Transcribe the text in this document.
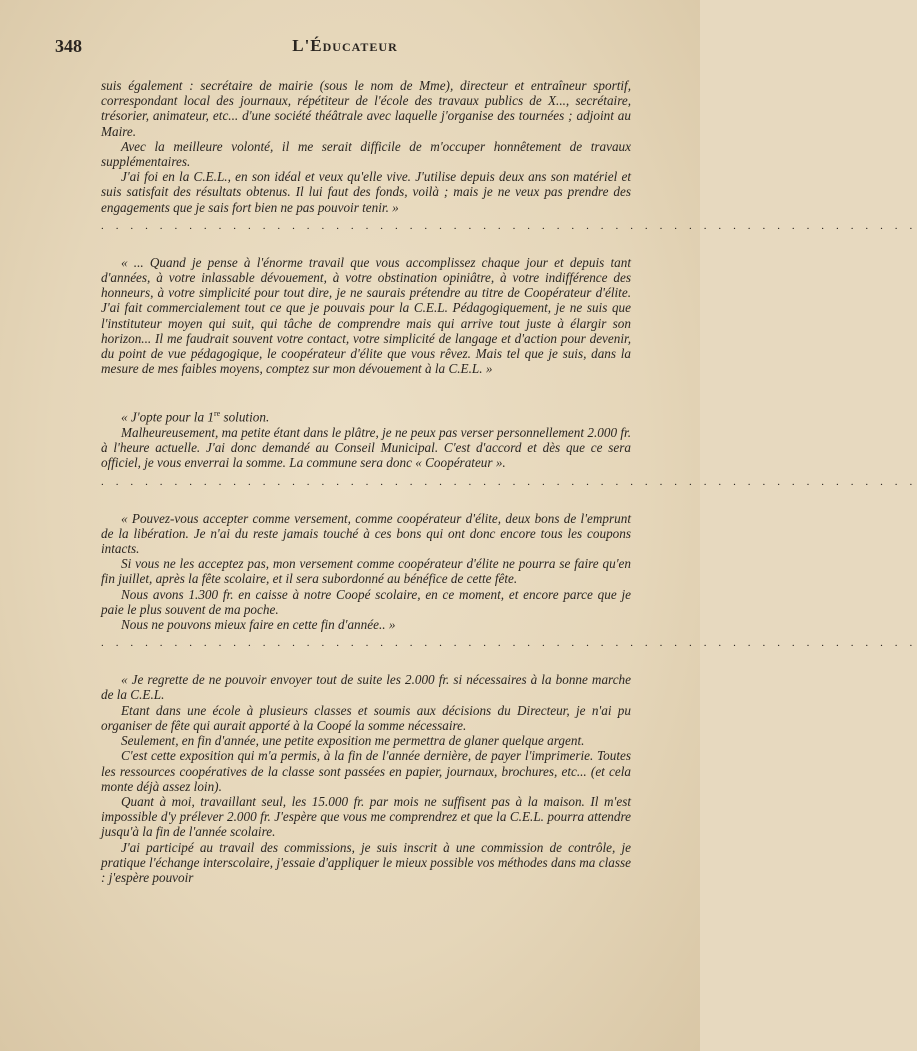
348	L'Éducateur

suis également : secrétaire de mairie (sous le nom de Mme), directeur et entraîneur sportif, correspondant local des journaux, répétiteur de l'école des travaux publics de X..., secrétaire, trésorier, animateur, etc... d'une société théâtrale avec laquelle j'organise des tournées ; adjoint au Maire.

Avec la meilleure volonté, il me serait difficile de m'occuper honnêtement de travaux supplémentaires.

J'ai foi en la C.E.L., en son idéal et veux qu'elle vive. J'utilise depuis deux ans son matériel et suis satisfait des résultats obtenus. Il lui faut des fonds, voilà ; mais je ne veux pas prendre des engagements que je sais fort bien ne pas pouvoir tenir. »

. . . . . . . . . . . . . . . . . . . . . . . . . . . . . . . . . . . . . . . . . . . . . . . . . . . . . . . .

« ... Quand je pense à l'énorme travail que vous accomplissez chaque jour et depuis tant d'années, à votre inlassable dévouement, à votre obstination opiniâtre, à votre indifférence des honneurs, à votre simplicité pour tout dire, je ne saurais prétendre au titre de Coopérateur d'élite. J'ai fait commercialement tout ce que je pouvais pour la C.E.L. Pédagogiquement, je ne suis que l'instituteur moyen qui suit, qui tâche de comprendre mais qui arrive tout juste à élargir son horizon... Il me faudrait souvent votre contact, votre simplicité de langage et d'action pour devenir, du point de vue pédagogique, le coopérateur d'élite que vous rêvez. Mais tel que je suis, dans la mesure de mes faibles moyens, comptez sur mon dévouement à la C.E.L. »

« J'opte pour la 1re solution.

Malheureusement, ma petite étant dans le plâtre, je ne peux pas verser personnellement 2.000 fr. à l'heure actuelle. J'ai donc demandé au Conseil Municipal. C'est d'accord et dès que ce sera officiel, je vous enverrai la somme. La commune sera donc « Coopérateur ».

. . . . . . . . . . . . . . . . . . . . . . . . . . . . . . . . . . . . . . . . . . . . . . . . . . . . . . . .

« Pouvez-vous accepter comme versement, comme coopérateur d'élite, deux bons de l'emprunt de la libération. Je n'ai du reste jamais touché à ces bons qui ont donc encore tous les coupons intacts.

Si vous ne les acceptez pas, mon versement comme coopérateur d'élite ne pourra se faire qu'en fin juillet, après la fête scolaire, et il sera subordonné au bénéfice de cette fête.

Nous avons 1.300 fr. en caisse à notre Coopé scolaire, en ce moment, et encore parce que je paie le plus souvent de ma poche.

Nous ne pouvons mieux faire en cette fin d'année.. »

. . . . . . . . . . . . . . . . . . . . . . . . . . . . . . . . . . . . . . . . . . . . . . . . . . . . . . . .

« Je regrette de ne pouvoir envoyer tout de suite les 2.000 fr. si nécessaires à la bonne marche de la C.E.L.

Etant dans une école à plusieurs classes et soumis aux décisions du Directeur, je n'ai pu organiser de fête qui aurait apporté à la Coopé la somme nécessaire.

Seulement, en fin d'année, une petite exposition me permettra de glaner quelque argent.

C'est cette exposition qui m'a permis, à la fin de l'année dernière, de payer l'imprimerie. Toutes les ressources coopératives de la classe sont passées en papier, journaux, brochures, etc... (et cela monte déjà assez loin).

Quant à moi, travaillant seul, les 15.000 fr. par mois ne suffisent pas à la maison. Il m'est impossible d'y prélever 2.000 fr. J'espère que vous me comprendrez et que la C.E.L. pourra attendre jusqu'à la fin de l'année scolaire.

J'ai participé au travail des commissions, je suis inscrit à une commission de contrôle, je pratique l'échange interscolaire, j'essaie d'appliquer le mieux possible vos méthodes dans ma classe : j'espère pouvoir
